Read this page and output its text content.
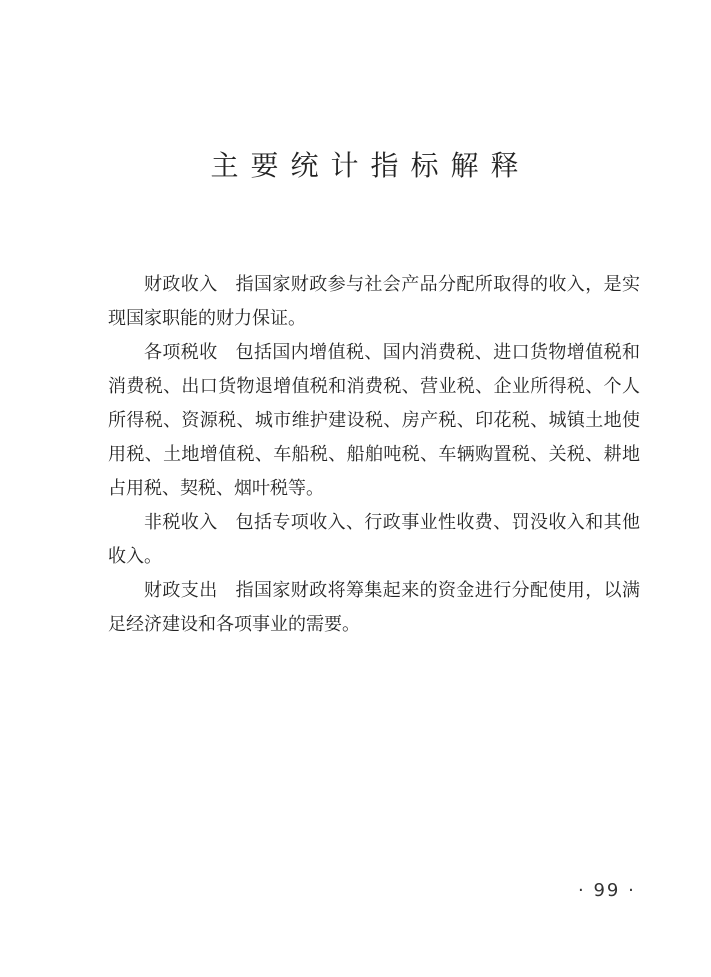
主要统计指标解释

财政收入 指国家财政参与社会产品分配所取得的收入，是实现国家职能的财力保证。

各项税收 包括国内增值税、国内消费税、进口货物增值税和消费税、出口货物退增值税和消费税、营业税、企业所得税、个人所得税、资源税、城市维护建设税、房产税、印花税、城镇土地使用税、土地增值税、车船税、船舶吨税、车辆购置税、关税、耕地占用税、契税、烟叶税等。

非税收入 包括专项收入、行政事业性收费、罚没收入和其他收入。

财政支出 指国家财政将筹集起来的资金进行分配使用，以满足经济建设和各项事业的需要。

· 99 ·
